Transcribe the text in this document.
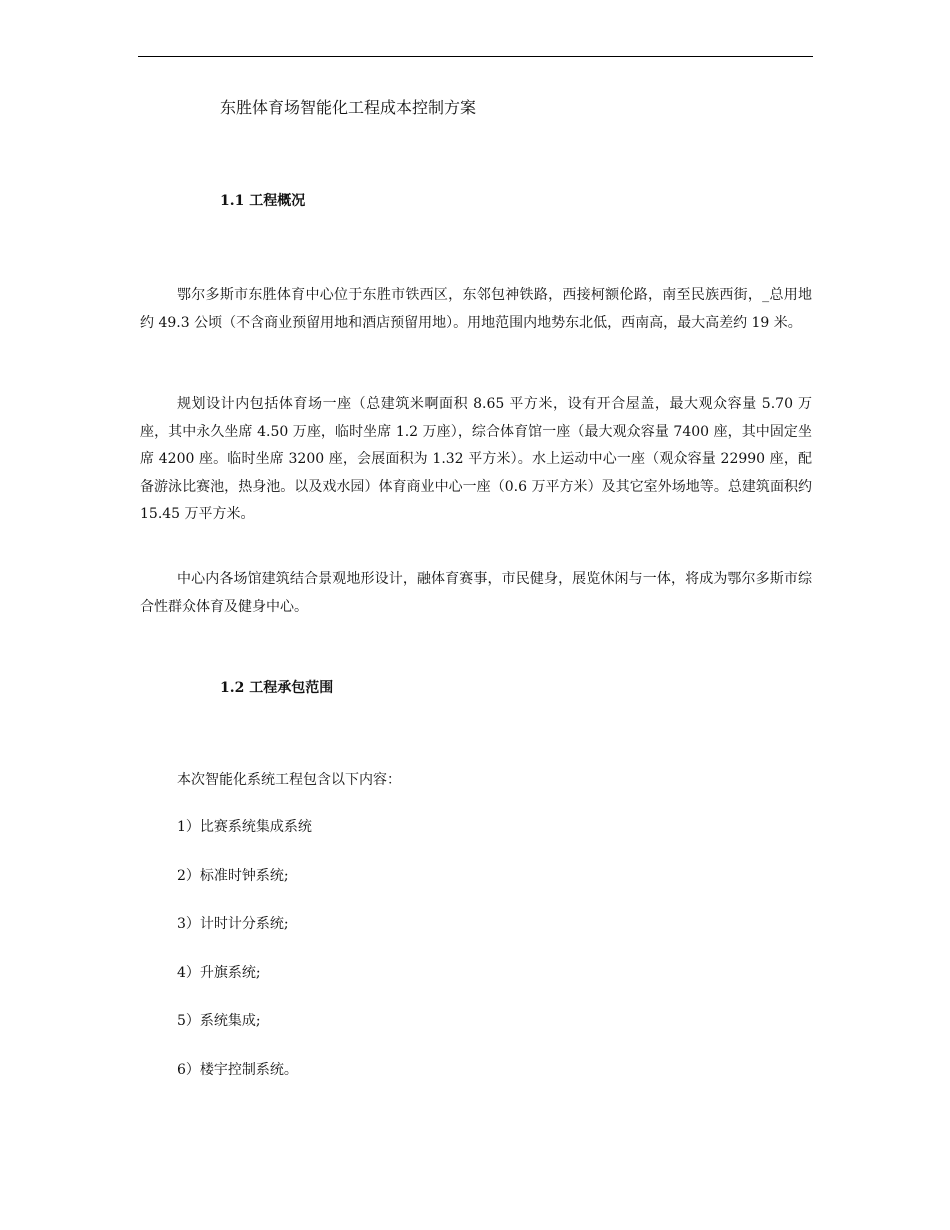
东胜体育场智能化工程成本控制方案
1.1 工程概况

鄂尔多斯市东胜体育中心位于东胜市铁西区，东邻包神铁路，西接柯额伦路，南至民族西街，_总用地约 49.3 公顷（不含商业预留用地和酒店预留用地）。用地范围内地势东北低，西南高，最大高差约 19 米。

规划设计内包括体育场一座（总建筑米啊面积 8.65 平方米，设有开合屋盖，最大观众容量 5.70 万座，其中永久坐席 4.50 万座，临时坐席 1.2 万座），综合体育馆一座（最大观众容量 7400 座，其中固定坐席 4200 座。临时坐席 3200 座，会展面积为 1.32 平方米）。水上运动中心一座（观众容量 22990 座，配备游泳比赛池，热身池。以及戏水园）体育商业中心一座（0.6 万平方米）及其它室外场地等。总建筑面积约 15.45 万平方米。

中心内各场馆建筑结合景观地形设计，融体育赛事，市民健身，展览休闲与一体，将成为鄂尔多斯市综合性群众体育及健身中心。

1.2 工程承包范围
本次智能化系统工程包含以下内容：
1）比赛系统集成系统
2）标准时钟系统;
3）计时计分系统;
4）升旗系统;
5）系统集成;
6）楼宇控制系统。
